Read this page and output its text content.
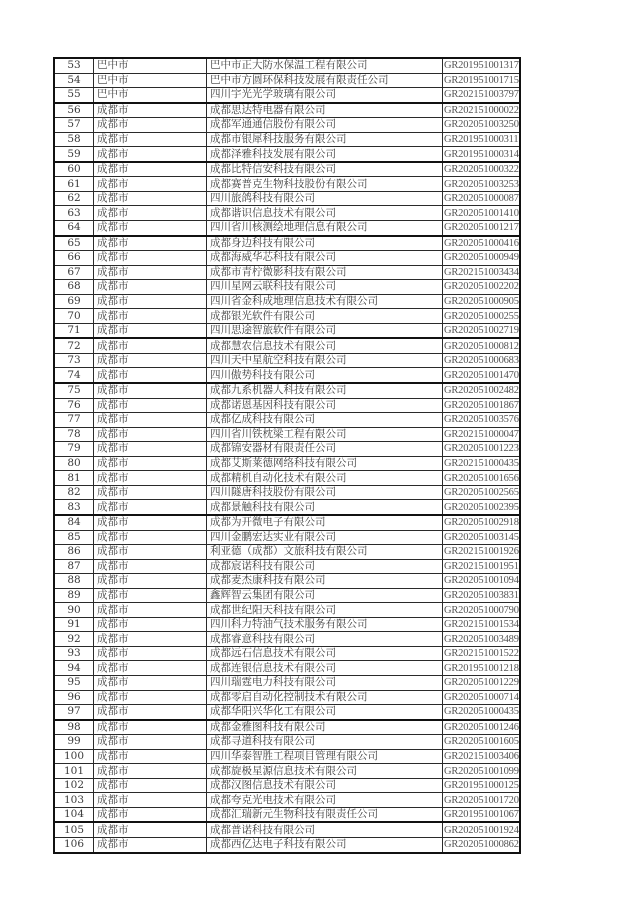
53	巴中市	巴中市正大防水保温工程有限公司	GR201951001317
54	巴中市	巴中市方圆环保科技发展有限责任公司	GR201951001715
55	巴中市	四川宇光光学玻璃有限公司	GR202151003797
56	成都市	成都思达特电器有限公司	GR202151000022
57	成都市	成都军通通信股份有限公司	GR202051003250
58	成都市	成都市银犀科技服务有限公司	GR201951000311
59	成都市	成都泽雅科技发展有限公司	GR201951000314
60	成都市	成都比特信安科技有限公司	GR202051000322
61	成都市	成都赛普克生物科技股份有限公司	GR202051003253
62	成都市	四川旅鸽科技有限公司	GR202051000087
63	成都市	成都谐识信息技术有限公司	GR202051001410
64	成都市	四川省川核测绘地理信息有限公司	GR202051001217
65	成都市	成都身边科技有限公司	GR202051000416
66	成都市	成都海威华芯科技有限公司	GR202051000949
67	成都市	成都市青柠微影科技有限公司	GR202151003434
68	成都市	四川星网云联科技有限公司	GR202051002202
69	成都市	四川省金科成地理信息技术有限公司	GR202051000905
70	成都市	成都银光软件有限公司	GR202051000255
71	成都市	四川思途智旅软件有限公司	GR202051002719
72	成都市	成都慧农信息技术有限公司	GR202051000812
73	成都市	四川天中星航空科技有限公司	GR202051000683
74	成都市	四川傲势科技有限公司	GR202051001470
75	成都市	成都九系机器人科技有限公司	GR202051002482
76	成都市	成都诺恩基因科技有限公司	GR202051001867
77	成都市	成都亿成科技有限公司	GR202051003576
78	成都市	四川省川铁枕梁工程有限公司	GR202151000047
79	成都市	成都锦安器材有限责任公司	GR202051001223
80	成都市	成都艾斯莱德网络科技有限公司	GR202151000435
81	成都市	成都精机自动化技术有限公司	GR202051001656
82	成都市	四川隧唐科技股份有限公司	GR202051002565
83	成都市	成都景触科技有限公司	GR202051002395
84	成都市	成都为开微电子有限公司	GR202051002918
85	成都市	四川金鹏宏达实业有限公司	GR202051003145
86	成都市	利亚德（成都）文旅科技有限公司	GR202151001926
87	成都市	成都宸诺科技有限公司	GR202151001951
88	成都市	成都麦杰康科技有限公司	GR202051001094
89	成都市	鑫辉智云集团有限公司	GR202051003831
90	成都市	成都世纪阳天科技有限公司	GR202051000790
91	成都市	四川科力特油气技术服务有限公司	GR202151001534
92	成都市	成都睿意科技有限公司	GR202051003489
93	成都市	成都远石信息技术有限公司	GR202151001522
94	成都市	成都连银信息技术有限公司	GR201951001218
95	成都市	四川瑞霆电力科技有限公司	GR202051001229
96	成都市	成都零启自动化控制技术有限公司	GR202051000714
97	成都市	成都华阳兴华化工有限公司	GR202051000435
98	成都市	成都金雅图科技有限公司	GR202051001246
99	成都市	成都寻道科技有限公司	GR202051001605
100	成都市	四川华泰智胜工程项目管理有限公司	GR202151003406
101	成都市	成都旋极星源信息技术有限公司	GR202051001099
102	成都市	成都汉图信息技术有限公司	GR201951000125
103	成都市	成都夸克光电技术有限公司	GR202051001720
104	成都市	成都汇瑞新元生物科技有限责任公司	GR201951001067
105	成都市	成都普诺科技有限公司	GR202051001924
106	成都市	成都西亿达电子科技有限公司	GR202051000862
